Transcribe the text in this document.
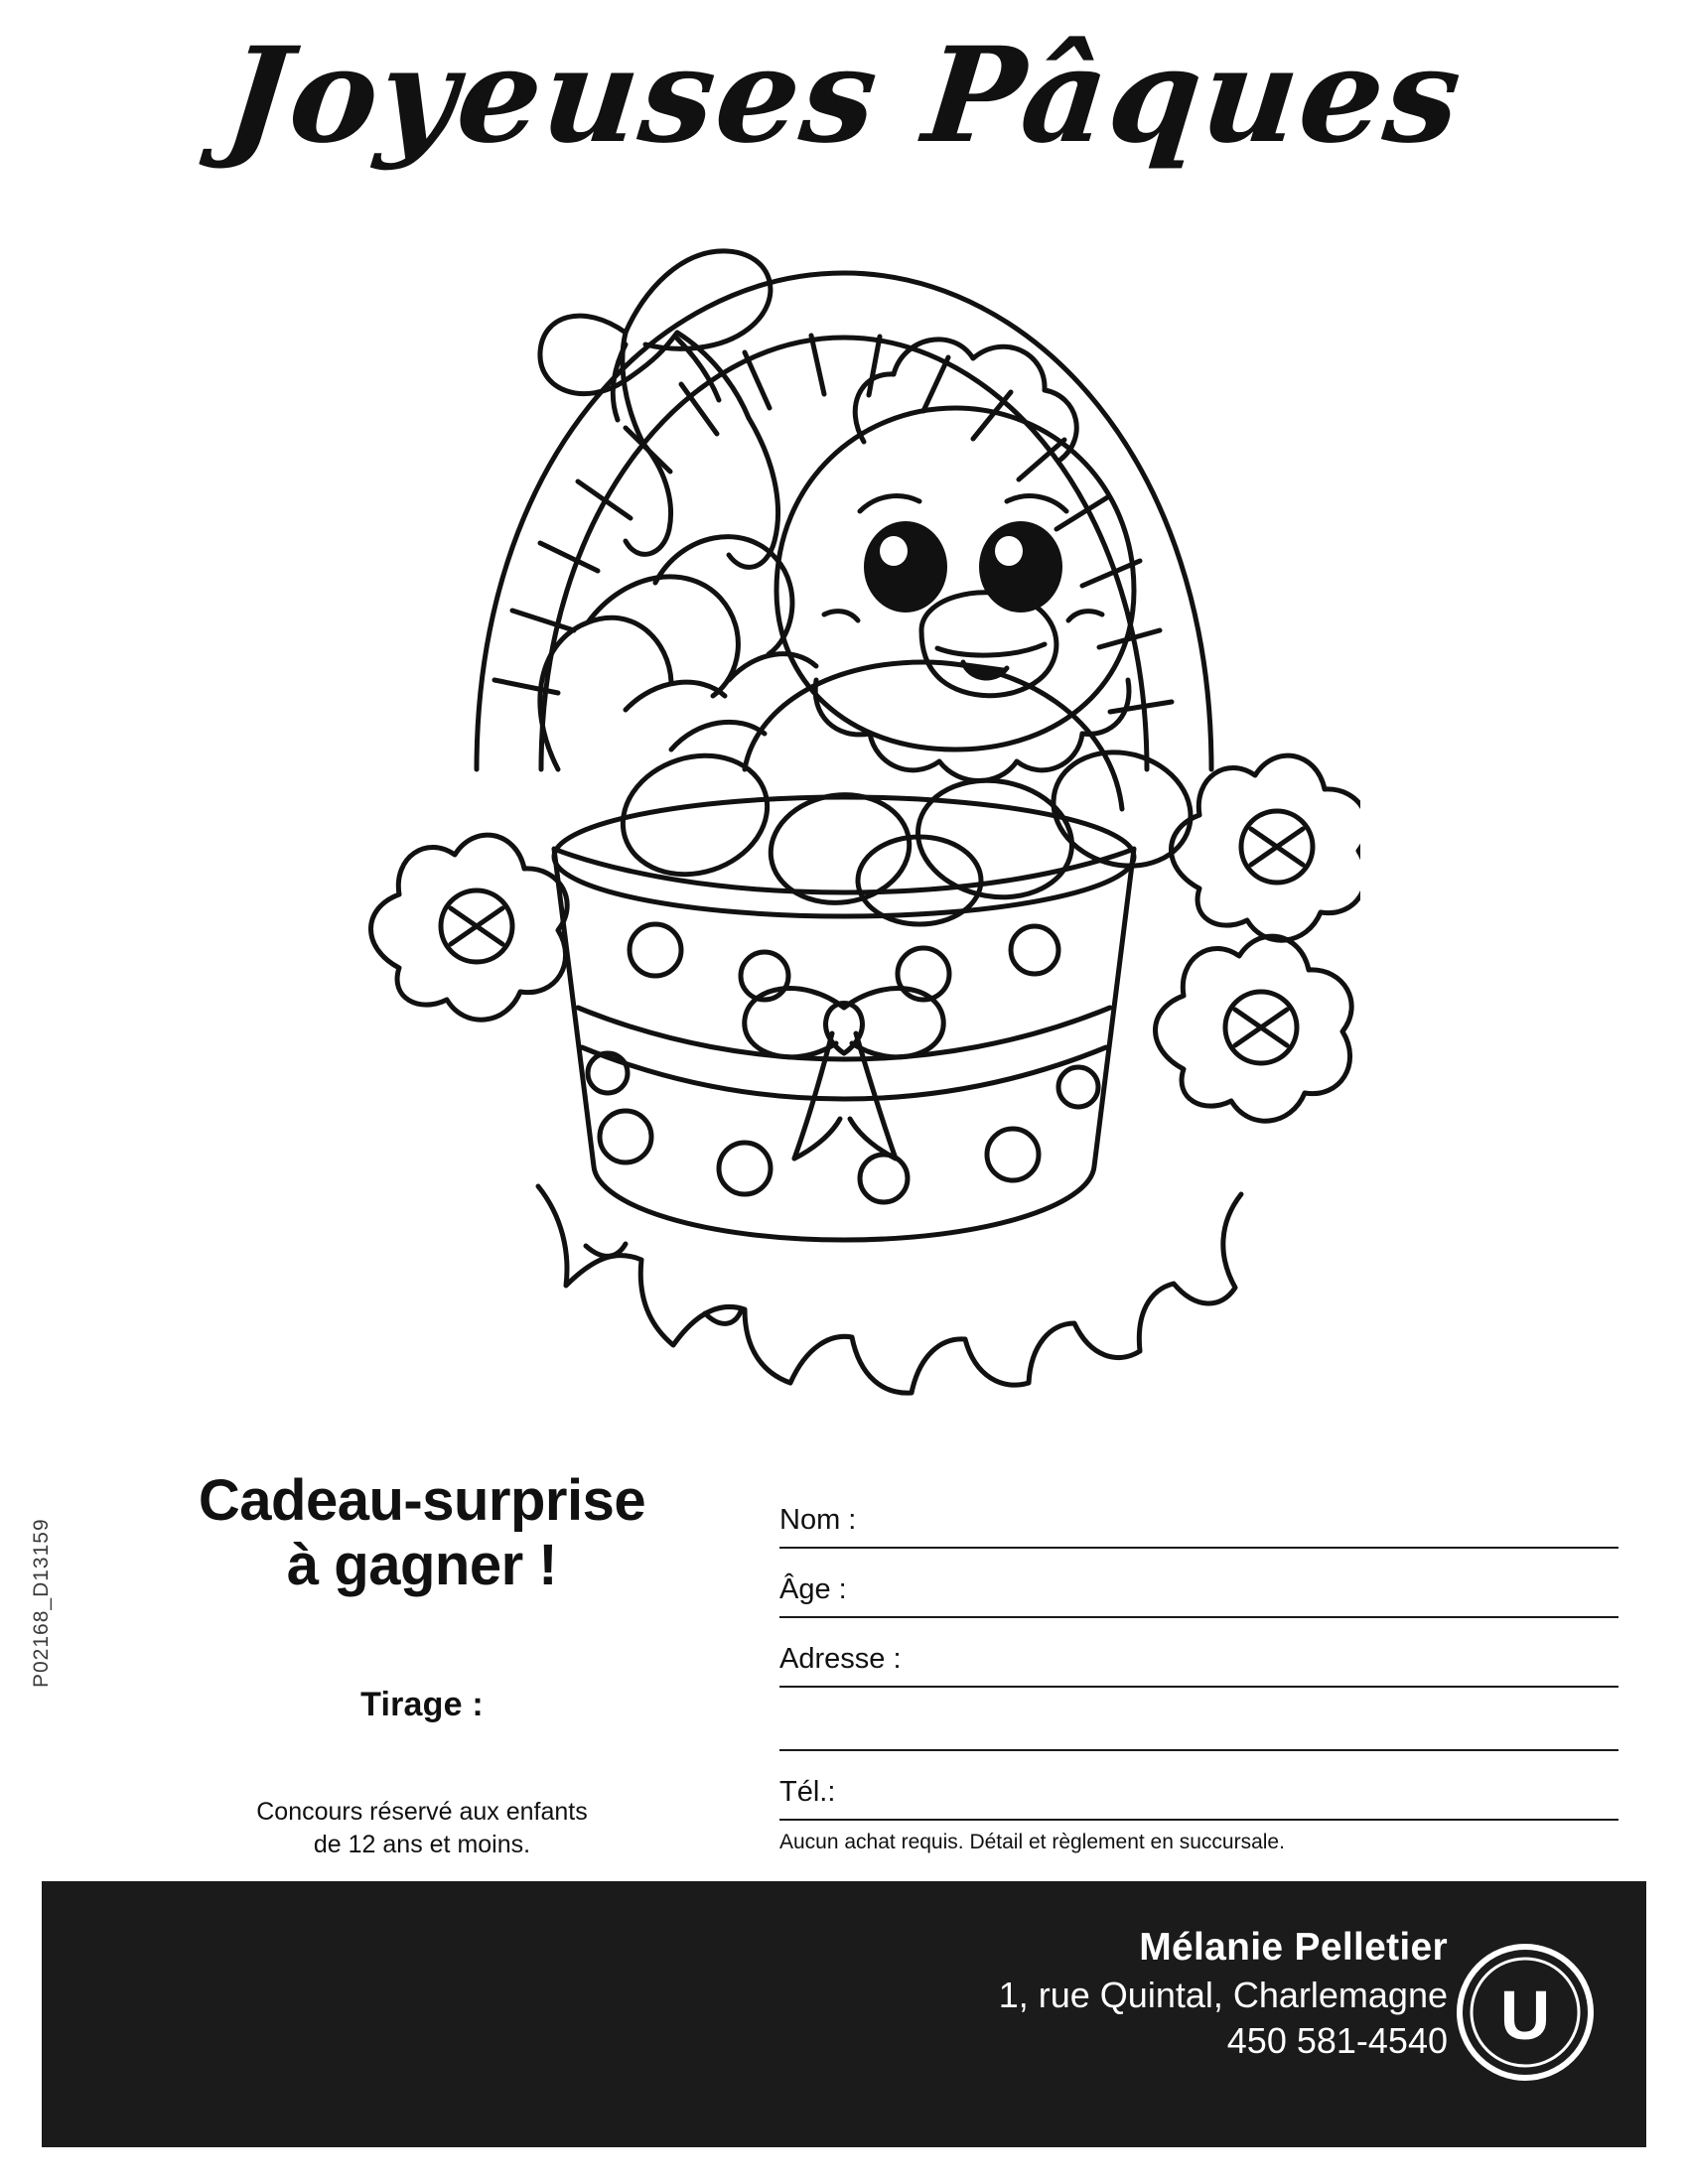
Joyeuses Pâques
P02168_D13159
Cadeau-surprise
à gagner !
Tirage :
Concours réservé aux enfants
de 12 ans et moins.
Nom :
Âge :
Adresse :
Tél.:
Aucun achat requis. Détail et règlement en succursale.
Mélanie Pelletier
1, rue Quintal, Charlemagne
450 581-4540 U
